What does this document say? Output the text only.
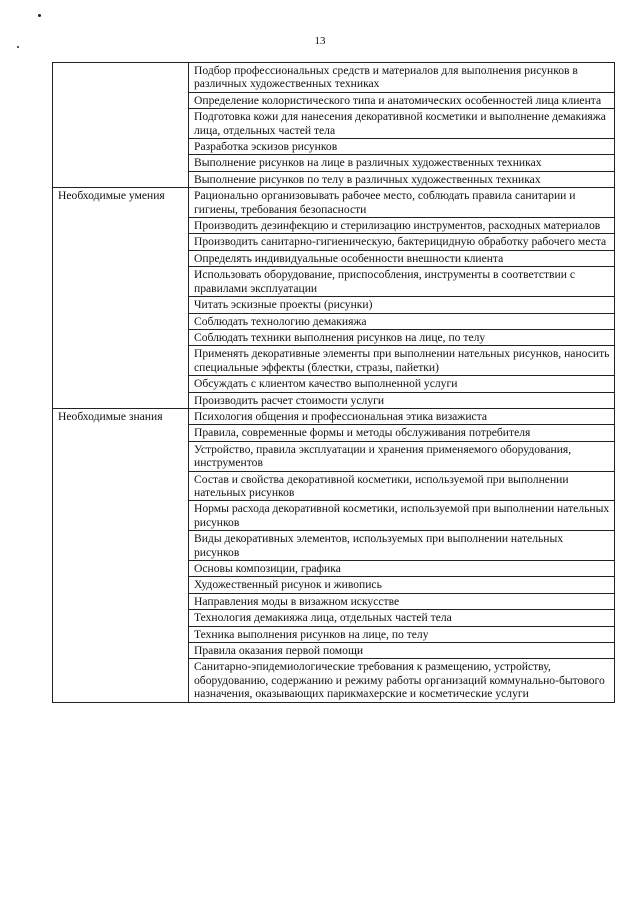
13
	Подбор профессиональных средств и материалов для выполнения рисунков в различных художественных техниках
	Определение колористического типа и анатомических особенностей лица клиента
	Подготовка кожи для нанесения декоративной косметики и выполнение демакияжа лица, отдельных частей тела
	Разработка эскизов рисунков
	Выполнение рисунков на лице в различных художественных техниках
	Выполнение рисунков по телу в различных художественных техниках
Необходимые умения	Рационально организовывать рабочее место, соблюдать правила санитарии и гигиены, требования безопасности
	Производить дезинфекцию и стерилизацию инструментов, расходных материалов
	Производить санитарно-гигиеническую, бактерицидную обработку рабочего места
	Определять индивидуальные особенности внешности клиента
	Использовать оборудование, приспособления, инструменты в соответствии с правилами эксплуатации
	Читать эскизные проекты (рисунки)
	Соблюдать технологию демакияжа
	Соблюдать техники выполнения рисунков на лице, по телу
	Применять декоративные элементы при выполнении нательных рисунков, наносить специальные эффекты (блестки, стразы, пайетки)
	Обсуждать с клиентом качество выполненной услуги
	Производить расчет стоимости услуги
Необходимые знания	Психология общения и профессиональная этика визажиста
	Правила, современные формы и методы обслуживания потребителя
	Устройство, правила эксплуатации и хранения применяемого оборудования, инструментов
	Состав и свойства декоративной косметики, используемой при выполнении нательных рисунков
	Нормы расхода декоративной косметики, используемой при выполнении нательных рисунков
	Виды декоративных элементов, используемых при выполнении нательных рисунков
	Основы композиции, графика
	Художественный рисунок и живопись
	Направления моды в визажном искусстве
	Технология демакияжа лица, отдельных частей тела
	Техника выполнения рисунков на лице, по телу
	Правила оказания первой помощи
	Санитарно-эпидемиологические требования к размещению, устройству, оборудованию, содержанию и режиму работы организаций коммунально-бытового назначения, оказывающих парикмахерские и косметические услуги
